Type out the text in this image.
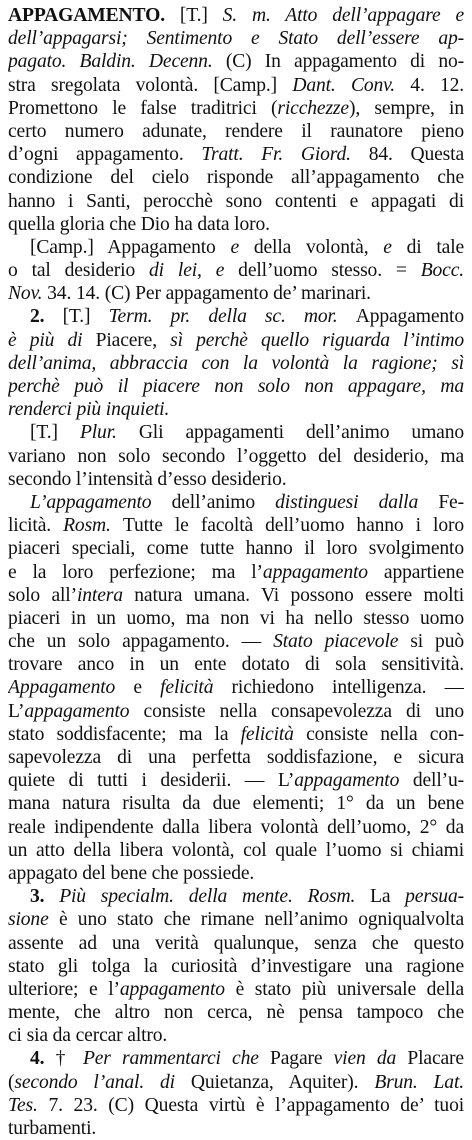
APPAGAMENTO. [T.] S. m. Atto dell’appagare e
dell’appagarsi; Sentimento e Stato dell’essere ap-
pagato. Baldin. Decenn. (C) In appagamento di no-
stra sregolata volontà. [Camp.] Dant. Conv. 4. 12.
Promettono le false traditrici (ricchezze), sempre, in
certo numero adunate, rendere il raunatore pieno
d’ogni appagamento. Tratt. Fr. Giord. 84. Questa
condizione del cielo risponde all’appagamento che
hanno i Santi, perocchè sono contenti e appagati di
quella gloria che Dio ha data loro.
[Camp.] Appagamento e della volontà, e di tale
o tal desiderio di lei, e dell’uomo stesso. = Bocc.
Nov. 34. 14. (C) Per appagamento de’ marinari.
2. [T.] Term. pr. della sc. mor. Appagamento
è più di Piacere, sì perchè quello riguarda l’intimo
dell’anima, abbraccia con la volontà la ragione; sì
perchè può il piacere non solo non appagare, ma
renderci più inquieti.
[T.] Plur. Gli appagamenti dell’animo umano
variano non solo secondo l’oggetto del desiderio, ma
secondo l’intensità d’esso desiderio.
L’appagamento dell’animo distinguesi dalla Fe-
licità. Rosm. Tutte le facoltà dell’uomo hanno i loro
piaceri speciali, come tutte hanno il loro svolgimento
e la loro perfezione; ma l’appagamento appartiene
solo all’intera natura umana. Vi possono essere molti
piaceri in un uomo, ma non vi ha nello stesso uomo
che un solo appagamento. — Stato piacevole si può
trovare anco in un ente dotato di sola sensitività.
Appagamento e felicità richiedono intelligenza. —
L’appagamento consiste nella consapevolezza di uno
stato soddisfacente; ma la felicità consiste nella con-
sapevolezza di una perfetta soddisfazione, e sicura
quiete di tutti i desiderii. — L’appagamento dell’u-
mana natura risulta da due elementi; 1° da un bene
reale indipendente dalla libera volontà dell’uomo, 2° da
un atto della libera volontà, col quale l’uomo si chiami
appagato del bene che possiede.
3. Più specialm. della mente. Rosm. La persua-
sione è uno stato che rimane nell’animo ogniqualvolta
assente ad una verità qualunque, senza che questo
stato gli tolga la curiosità d’investigare una ragione
ulteriore; e l’appagamento è stato più universale della
mente, che altro non cerca, nè pensa tampoco che
ci sia da cercar altro.
4. † Per rammentarci che Pagare vien da Placare
(secondo l’anal. di Quietanza, Aquiter). Brun. Lat.
Tes. 7. 23. (C) Questa virtù è l’appagamento de’ tuoi
turbamenti.
